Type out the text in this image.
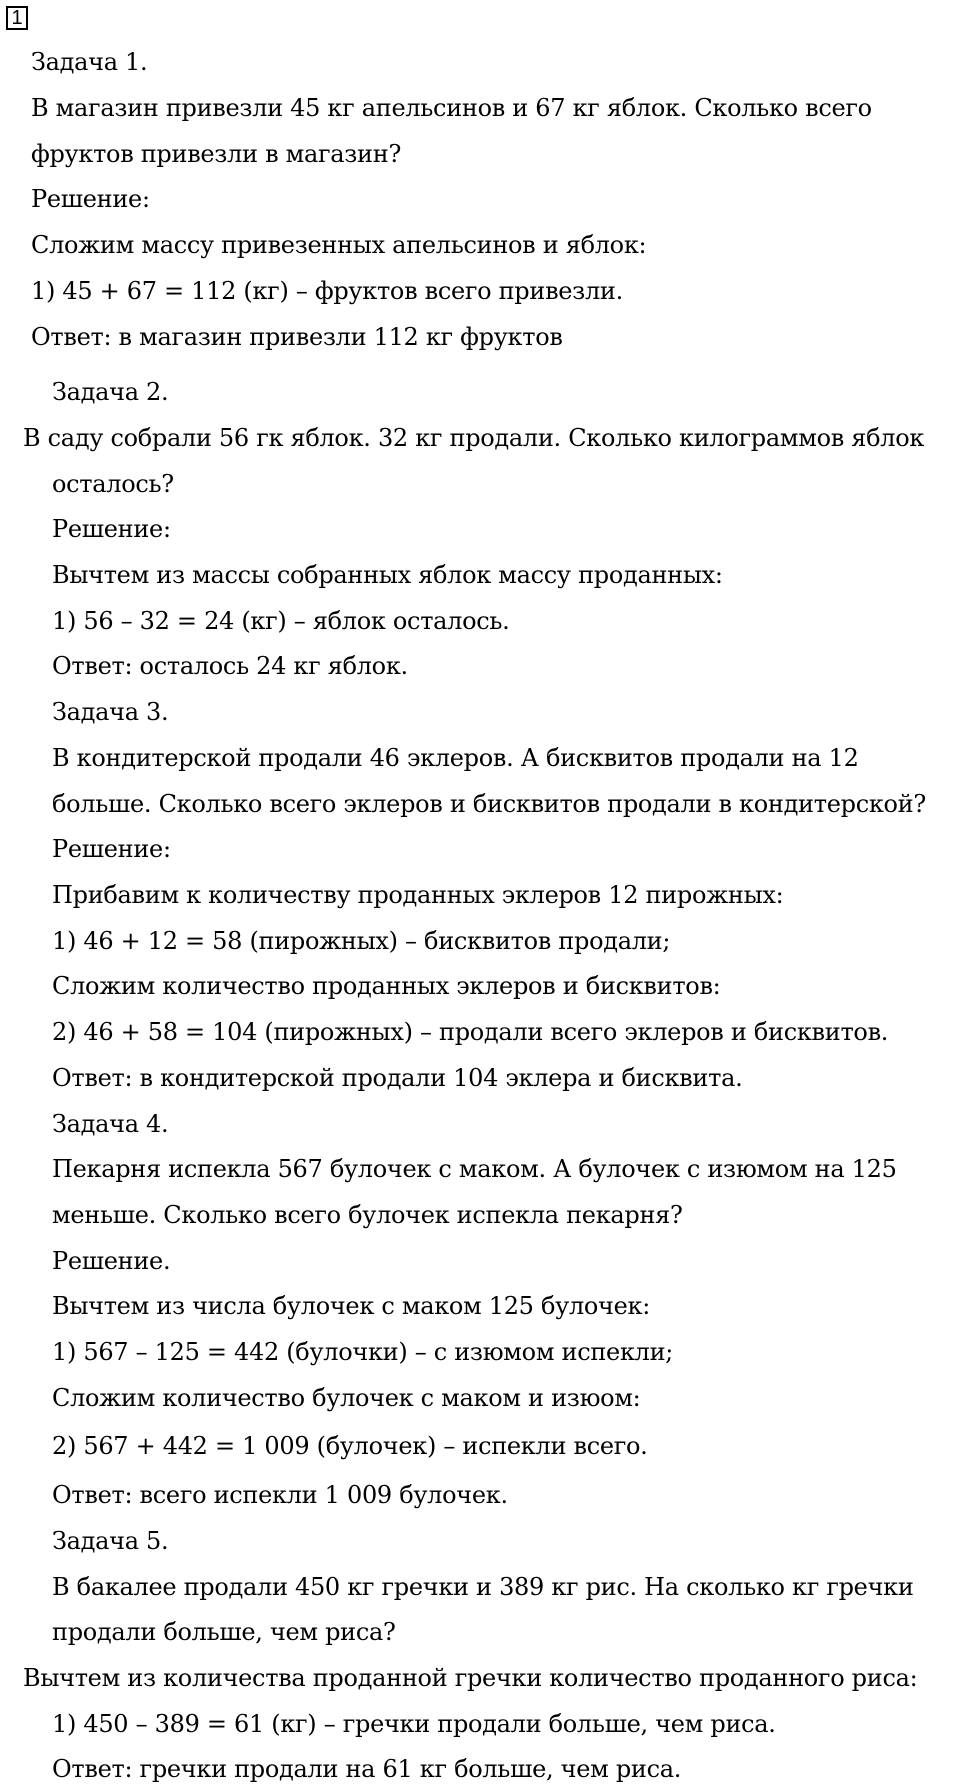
1
Задача 1.
В магазин привезли 45 кг апельсинов и 67 кг яблок. Сколько всего
фруктов привезли в магазин?
Решение:
Сложим массу привезенных апельсинов и яблок:
1) 45 + 67 = 112 (кг) – фруктов всего привезли.
Ответ: в магазин привезли 112 кг фруктов
Задача 2.
В саду собрали 56 гк яблок. 32 кг продали. Сколько килограммов яблок
осталось?
Решение:
Вычтем из массы собранных яблок массу проданных:
1) 56 – 32 = 24 (кг) – яблок осталось.
Ответ: осталось 24 кг яблок.
Задача 3.
В кондитерской продали 46 эклеров. А бисквитов продали на 12
больше. Сколько всего эклеров и бисквитов продали в кондитерской?
Решение:
Прибавим к количеству проданных эклеров 12 пирожных:
1) 46 + 12 = 58 (пирожных) – бисквитов продали;
Сложим количество проданных эклеров и бисквитов:
2) 46 + 58 = 104 (пирожных) – продали всего эклеров и бисквитов.
Ответ: в кондитерской продали 104 эклера и бисквита.
Задача 4.
Пекарня испекла 567 булочек с маком. А булочек с изюмом на 125
меньше. Сколько всего булочек испекла пекарня?
Решение.
Вычтем из числа булочек с маком 125 булочек:
1) 567 – 125 = 442 (булочки) – с изюмом испекли;
Сложим количество булочек с маком и изюом:
2) 567 + 442 = 1 009 (булочек) – испекли всего.
Ответ: всего испекли 1 009 булочек.
Задача 5.
В бакалее продали 450 кг гречки и 389 кг рис. На сколько кг гречки
продали больше, чем риса?
Вычтем из количества проданной гречки количество проданного риса:
1) 450 – 389 = 61 (кг) – гречки продали больше, чем риса.
Ответ: гречки продали на 61 кг больше, чем риса.
